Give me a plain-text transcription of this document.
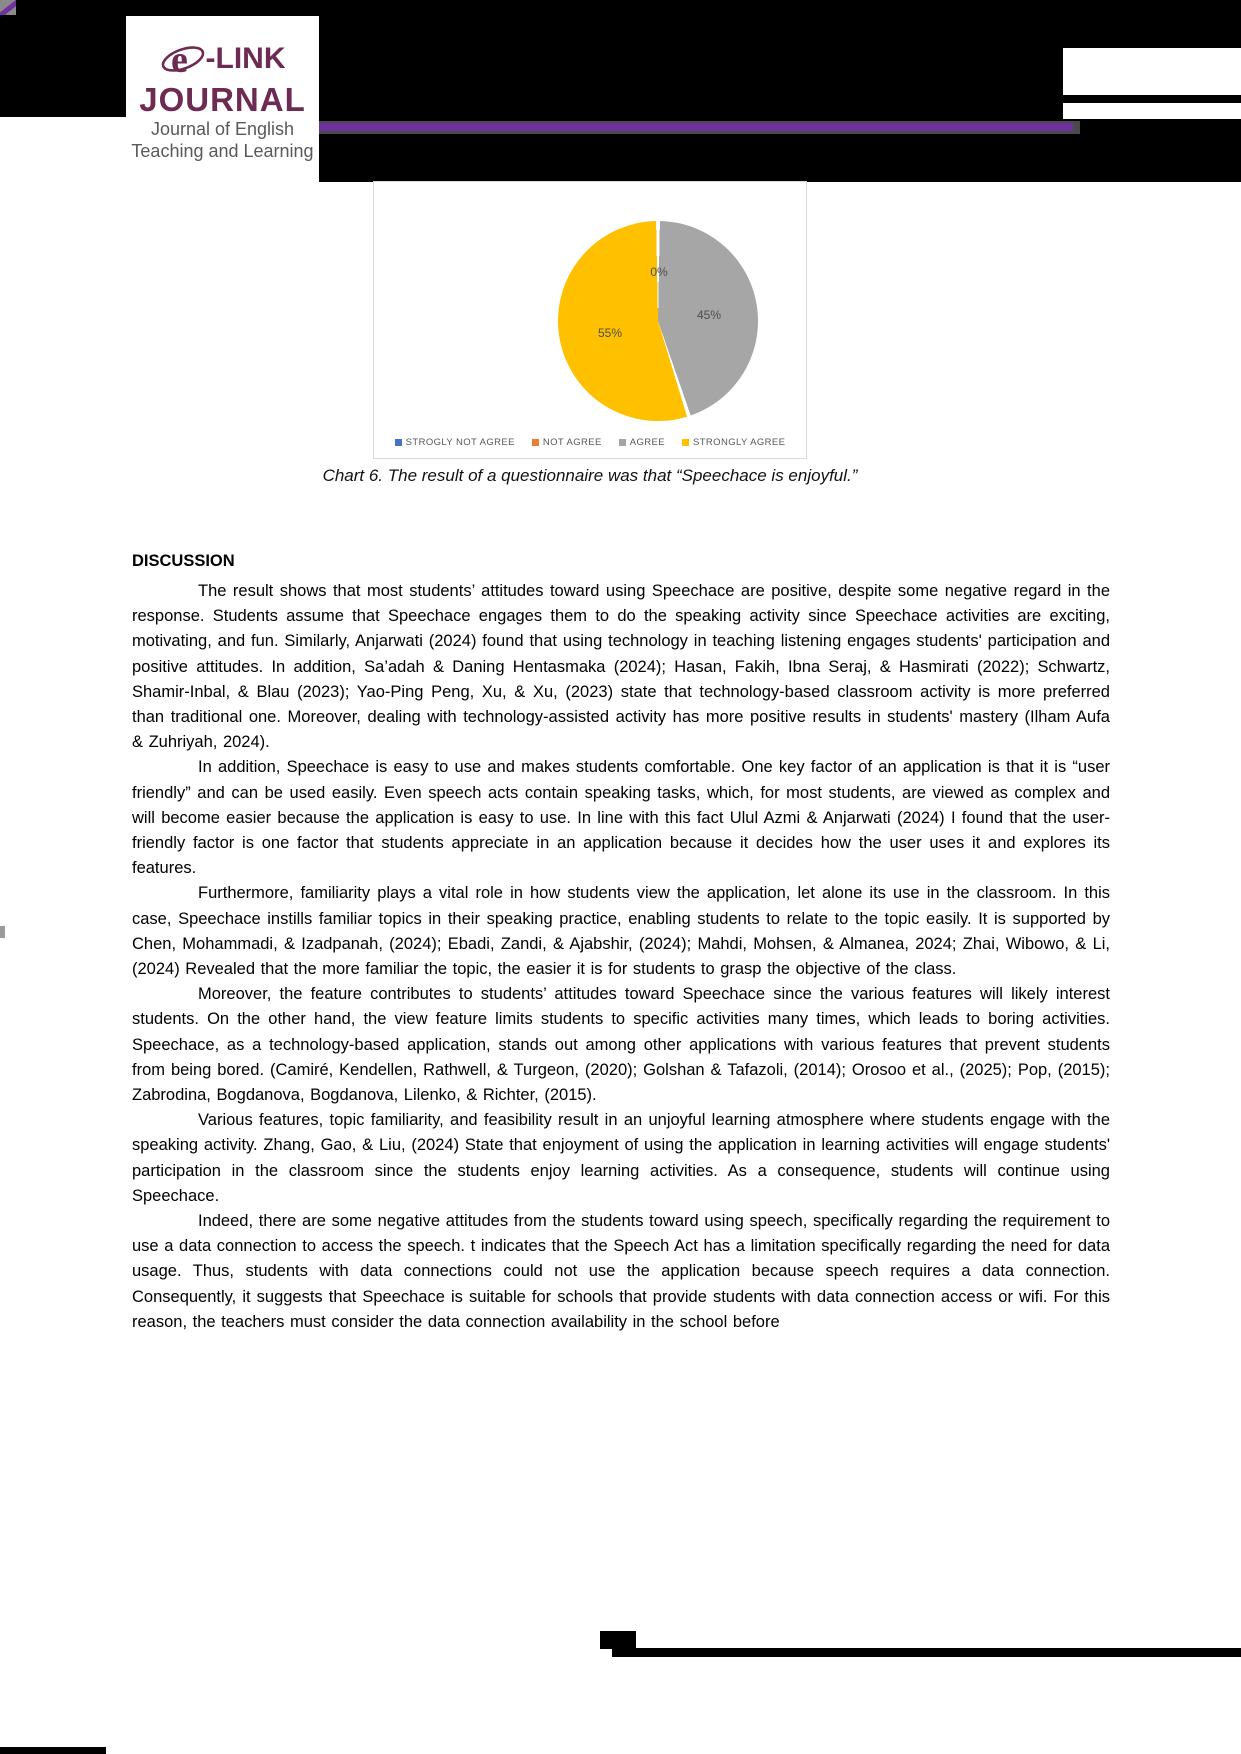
e -LINK
JOURNAL
Journal of English
Teaching and Learning
0%
45%
55%
STROGLY NOT AGREE	NOT AGREE	AGREE	STRONGLY AGREE
Chart 6. The result of a questionnaire was that “Speechace is enjoyful.”
DISCUSSION

The result shows that most students’ attitudes toward using Speechace are positive, despite some negative regard in the response. Students assume that Speechace engages them to do the speaking activity since Speechace activities are exciting, motivating, and fun. Similarly, Anjarwati (2024) found that using technology in teaching listening engages students' participation and positive attitudes. In addition, Sa’adah & Daning Hentasmaka (2024); Hasan, Fakih, Ibna Seraj, & Hasmirati (2022); Schwartz, Shamir-Inbal, & Blau (2023); Yao-Ping Peng, Xu, & Xu, (2023) state that technology-based classroom activity is more preferred than traditional one. Moreover, dealing with technology-assisted activity has more positive results in students' mastery (Ilham Aufa & Zuhriyah, 2024).

In addition, Speechace is easy to use and makes students comfortable. One key factor of an application is that it is “user friendly” and can be used easily. Even speech acts contain speaking tasks, which, for most students, are viewed as complex and will become easier because the application is easy to use. In line with this fact Ulul Azmi & Anjarwati (2024) I found that the user-friendly factor is one factor that students appreciate in an application because it decides how the user uses it and explores its features.

Furthermore, familiarity plays a vital role in how students view the application, let alone its use in the classroom. In this case, Speechace instills familiar topics in their speaking practice, enabling students to relate to the topic easily. It is supported by Chen, Mohammadi, & Izadpanah, (2024); Ebadi, Zandi, & Ajabshir, (2024); Mahdi, Mohsen, & Almanea, 2024; Zhai, Wibowo, & Li, (2024) Revealed that the more familiar the topic, the easier it is for students to grasp the objective of the class.

Moreover, the feature contributes to students’ attitudes toward Speechace since the various features will likely interest students. On the other hand, the view feature limits students to specific activities many times, which leads to boring activities. Speechace, as a technology-based application, stands out among other applications with various features that prevent students from being bored. (Camiré, Kendellen, Rathwell, & Turgeon, (2020); Golshan & Tafazoli, (2014); Orosoo et al., (2025); Pop, (2015); Zabrodina, Bogdanova, Bogdanova, Lilenko, & Richter, (2015).

Various features, topic familiarity, and feasibility result in an unjoyful learning atmosphere where students engage with the speaking activity. Zhang, Gao, & Liu, (2024) State that enjoyment of using the application in learning activities will engage students' participation in the classroom since the students enjoy learning activities. As a consequence, students will continue using Speechace.

Indeed, there are some negative attitudes from the students toward using speech, specifically regarding the requirement to use a data connection to access the speech. t indicates that the Speech Act has a limitation specifically regarding the need for data usage. Thus, students with data connections could not use the application because speech requires a data connection. Consequently, it suggests that Speechace is suitable for schools that provide students with data connection access or wifi. For this reason, the teachers must consider the data connection availability in the school before
